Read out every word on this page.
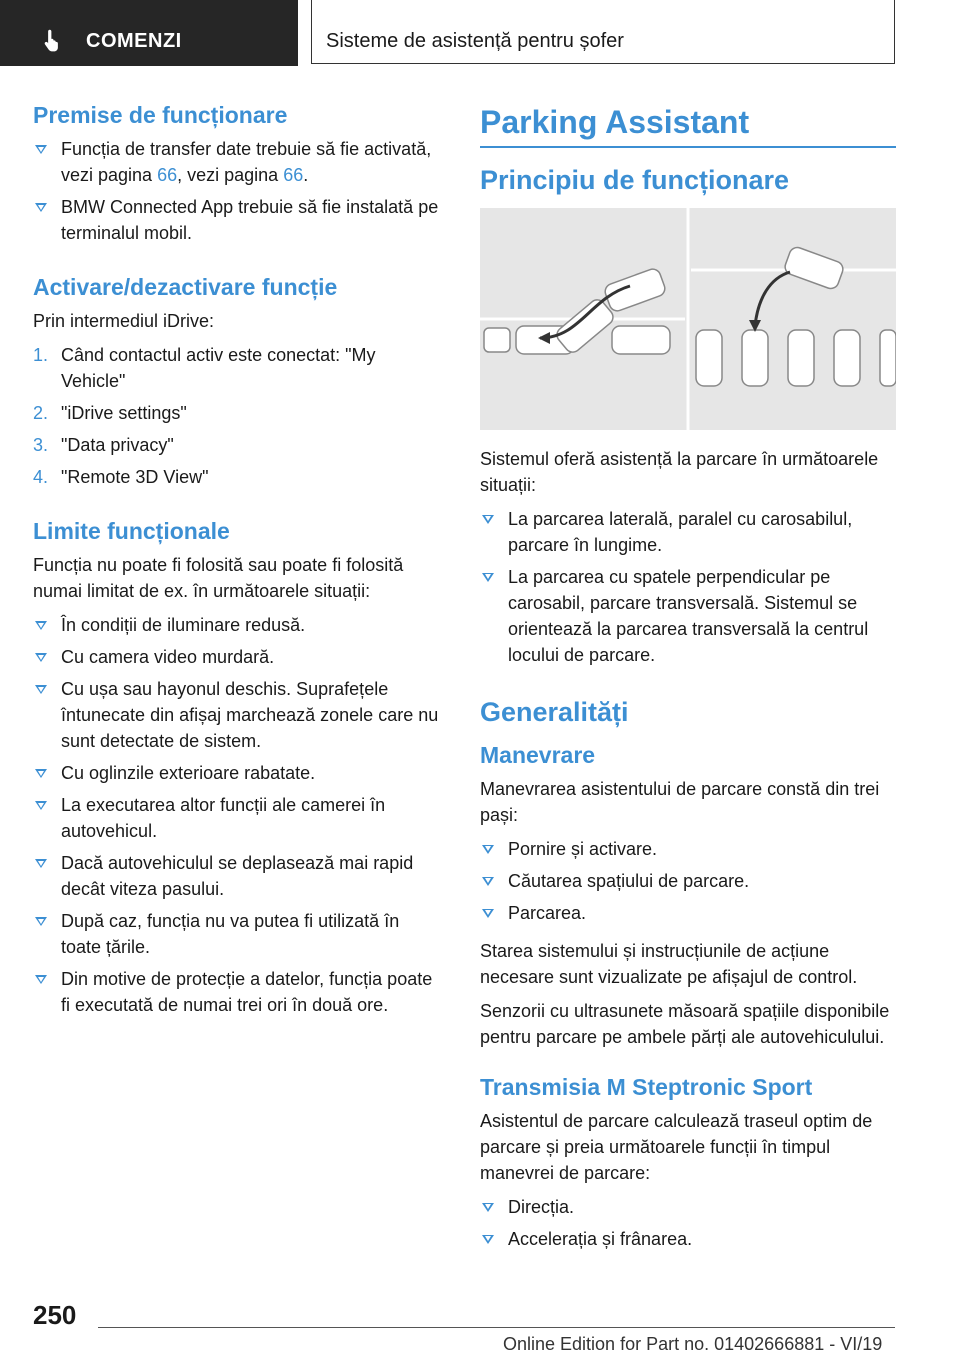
COMENZI	Sisteme de asistență pentru șofer
Premise de funcționare
Funcția de transfer date trebuie să fie activată, vezi pagina 66, vezi pagina 66.
BMW Connected App trebuie să fie instalată pe terminalul mobil.
Activare/dezactivare funcție

Prin intermediul iDrive:

1. Când contactul activ este conectat: "My Vehicle"
2. "iDrive settings"
3. "Data privacy"
4. "Remote 3D View"
Limite funcționale

Funcția nu poate fi folosită sau poate fi folosită numai limitat de ex. în următoarele situații:

În condiții de iluminare redusă.
Cu camera video murdară.
Cu ușa sau hayonul deschis. Suprafețele întunecate din afișaj marchează zonele care nu sunt detectate de sistem.
Cu oglinzile exterioare rabatate.
La executarea altor funcții ale camerei în autovehicul.
Dacă autovehiculul se deplasează mai rapid decât viteza pasului.
După caz, funcția nu va putea fi utilizată în toate țările.
Din motive de protecție a datelor, funcția poate fi executată de numai trei ori în două ore.
Parking Assistant
Principiu de funcționare

Sistemul oferă asistență la parcare în următoarele situații:

La parcarea laterală, paralel cu carosabilul, parcare în lungime.
La parcarea cu spatele perpendicular pe carosabil, parcare transversală. Sistemul se orientează la parcarea transversală la centrul locului de parcare.
Generalități
Manevrare

Manevrarea asistentului de parcare constă din trei pași:

Pornire și activare.
Căutarea spațiului de parcare.
Parcarea.

Starea sistemului și instrucțiunile de acțiune necesare sunt vizualizate pe afișajul de control.

Senzorii cu ultrasunete măsoară spațiile disponibile pentru parcare pe ambele părți ale autovehiculului.

Transmisia M Steptronic Sport

Asistentul de parcare calculează traseul optim de parcare și preia următoarele funcții în timpul manevrei de parcare:

Direcția.
Accelerația și frânarea.
250
Online Edition for Part no. 01402666881 - VI/19
